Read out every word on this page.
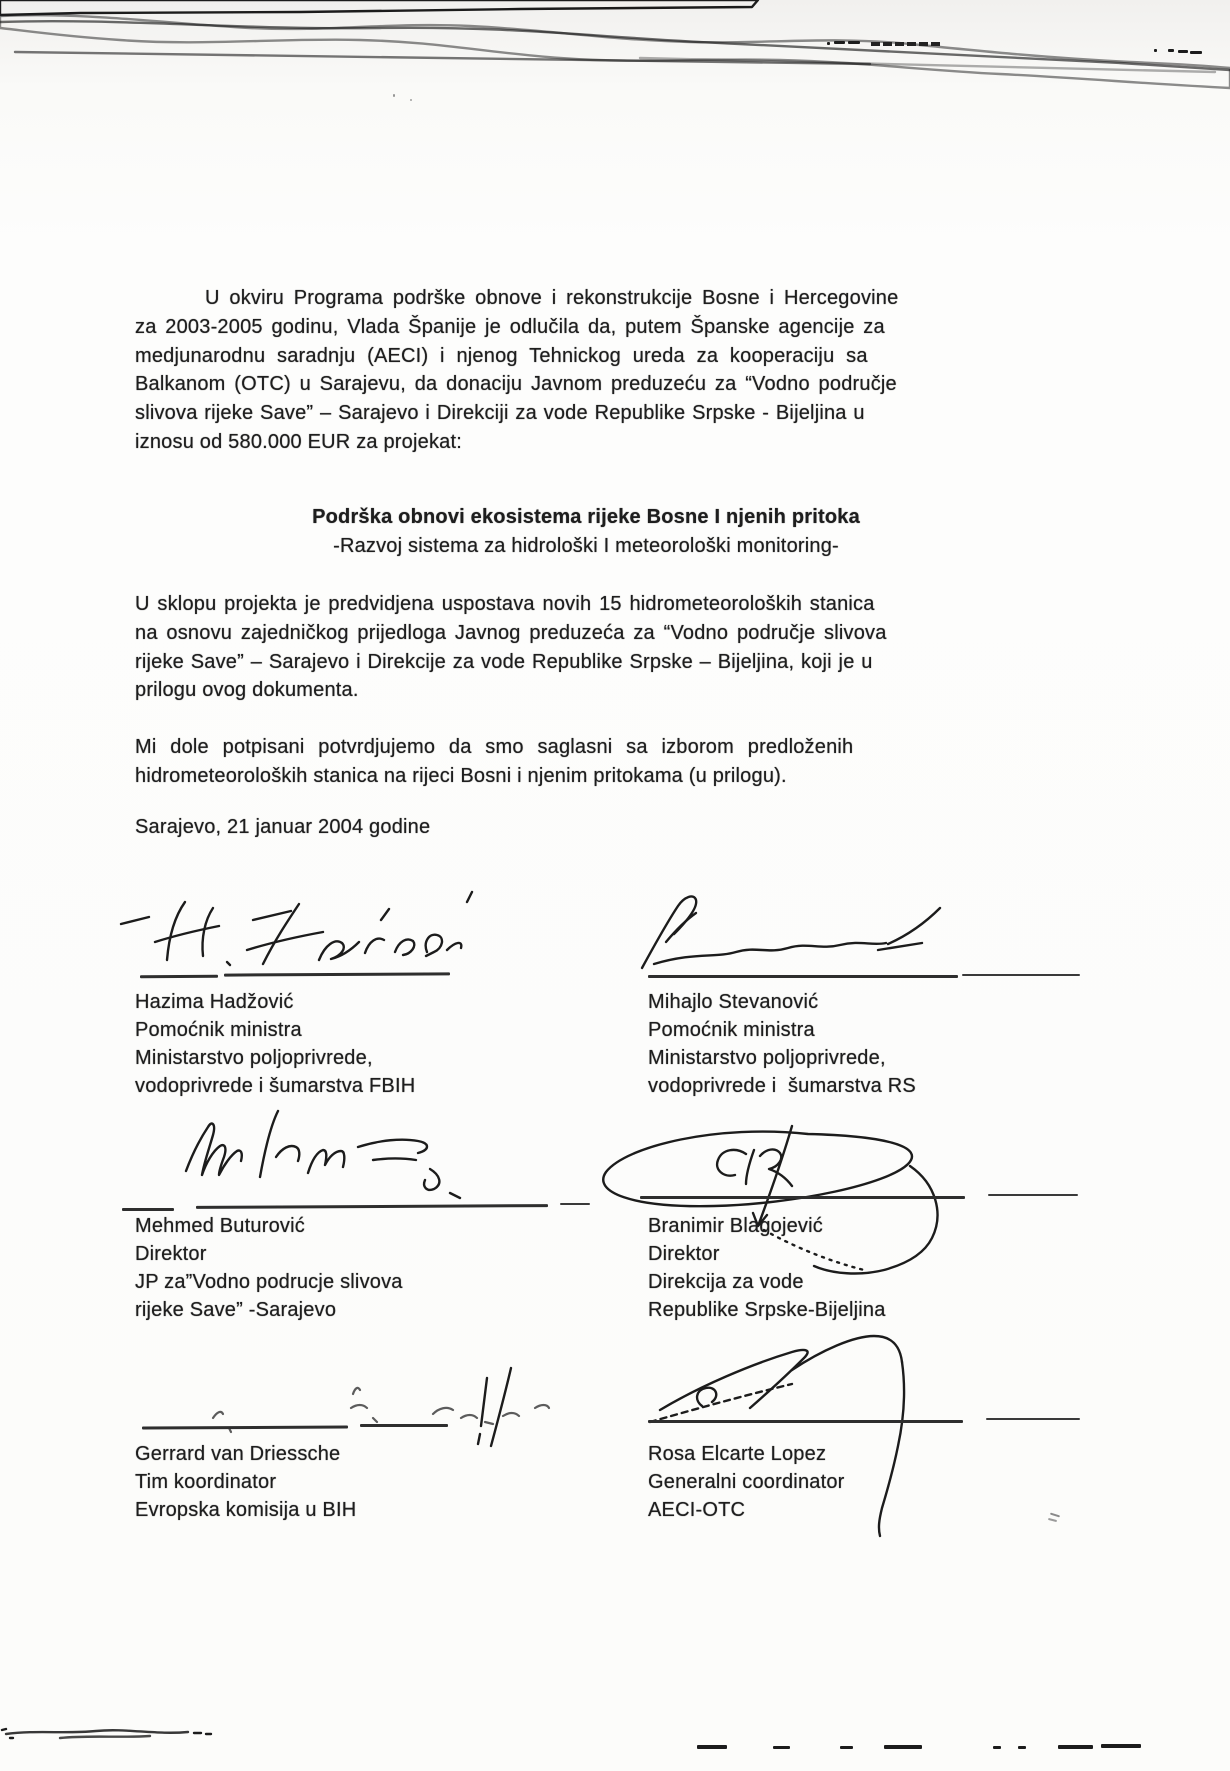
U okviru Programa podrške obnove i rekonstrukcije Bosne i Hercegovine
za 2003-2005 godinu, Vlada Španije je odlučila da, putem Španske agencije za
medjunarodnu saradnju (AECI) i njenog Tehnickog ureda za kooperaciju sa
Balkanom (OTC) u Sarajevu, da donaciju Javnom preduzeću za “Vodno područje
slivova rijeke Save” – Sarajevo i Direkciji za vode Republike Srpske - Bijeljina u
iznosu od 580.000 EUR za projekat:
Podrška obnovi ekosistema rijeke Bosne I njenih pritoka
-Razvoj sistema za hidrološki I meteorološki monitoring-
U sklopu projekta je predvidjena uspostava novih 15 hidrometeoroloških stanica
na osnovu zajedničkog prijedloga Javnog preduzeća za “Vodno područje slivova
rijeke Save” – Sarajevo i Direkcije za vode Republike Srpske – Bijeljina, koji je u
prilogu ovog dokumenta.
Mi dole potpisani potvrdjujemo da smo saglasni sa izborom predloženih
hidrometeoroloških stanica na rijeci Bosni i njenim pritokama (u prilogu).
Sarajevo, 21 januar 2004 godine
Hazima Hadžović
Pomoćnik ministra
Ministarstvo poljoprivrede,
vodoprivrede i šumarstva FBIH
Mihajlo Stevanović
Pomoćnik ministra
Ministarstvo poljoprivrede,
vodoprivrede i  šumarstva RS
Mehmed Buturović
Direktor
JP za”Vodno podrucje slivova
rijeke Save” -Sarajevo
Branimir Blagojević
Direktor
Direkcija za vode
Republike Srpske-Bijeljina
Gerrard van Driessche
Tim koordinator
Evropska komisija u BIH
Rosa Elcarte Lopez
Generalni coordinator
AECI-OTC
